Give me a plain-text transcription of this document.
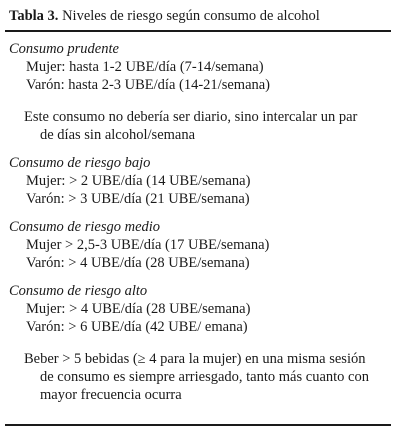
Tabla 3. Niveles de riesgo según consumo de alcohol
Consumo prudente
Mujer: hasta 1-2 UBE/día (7-14/semana)
Varón: hasta 2-3 UBE/día (14-21/semana)
Este consumo no debería ser diario, sino intercalar un par
de días sin alcohol/semana
Consumo de riesgo bajo
Mujer: > 2 UBE/día (14 UBE/semana)
Varón: > 3 UBE/día (21 UBE/semana)
Consumo de riesgo medio
Mujer > 2,5-3 UBE/día (17 UBE/semana)
Varón: > 4 UBE/día (28 UBE/semana)
Consumo de riesgo alto
Mujer: > 4 UBE/día (28 UBE/semana)
Varón: > 6 UBE/día (42 UBE/ emana)
Beber > 5 bebidas (≥ 4 para la mujer) en una misma sesión
de consumo es siempre arriesgado, tanto más cuanto con
mayor frecuencia ocurra
